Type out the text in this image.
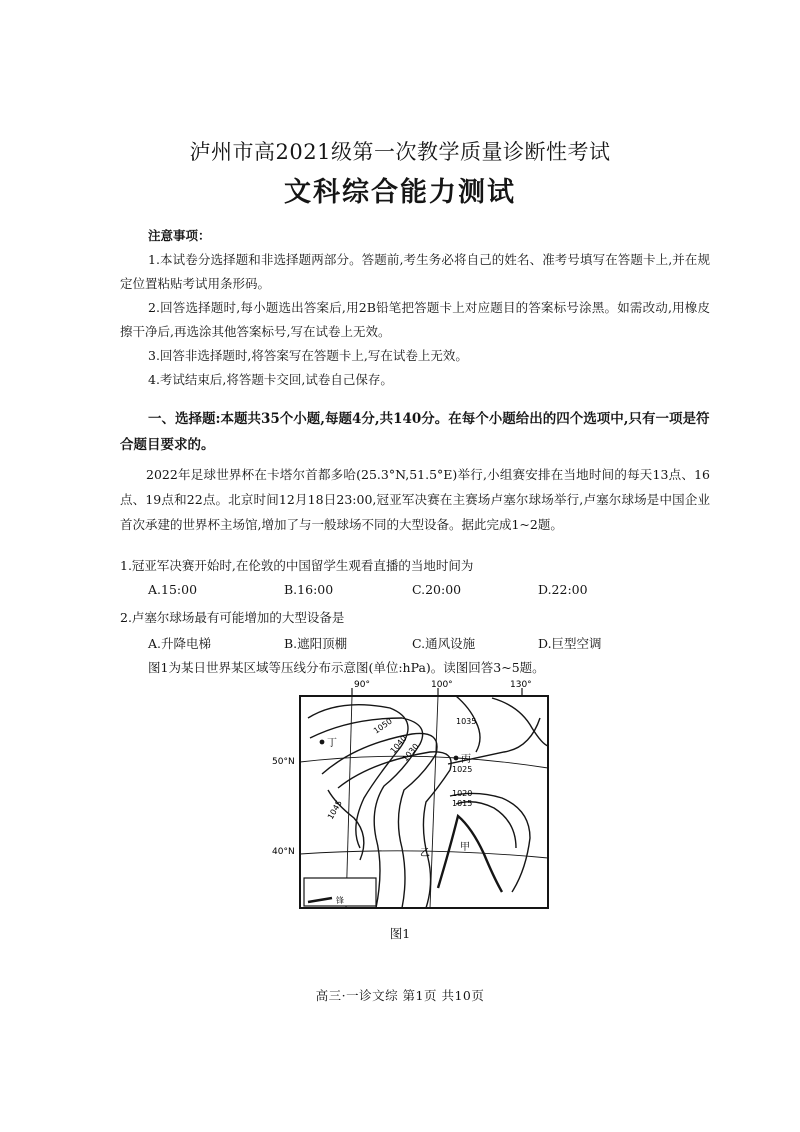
泸州市高2021级第一次教学质量诊断性考试
文科综合能力测试
注意事项：
1.本试卷分选择题和非选择题两部分。答题前,考生务必将自己的姓名、准考号填写在答题卡上,并在规定位置粘贴考试用条形码。
2.回答选择题时,每小题选出答案后,用2B铅笔把答题卡上对应题目的答案标号涂黑。如需改动,用橡皮擦干净后,再选涂其他答案标号,写在试卷上无效。
3.回答非选择题时,将答案写在答题卡上,写在试卷上无效。
4.考试结束后,将答题卡交回,试卷自己保存。
一、选择题:本题共35个小题,每题4分,共140分。在每个小题给出的四个选项中,只有一项是符合题目要求的。
2022年足球世界杯在卡塔尔首都多哈(25.3°N,51.5°E)举行,小组赛安排在当地时间的每天13点、16点、19点和22点。北京时间12月18日23:00,冠亚军决赛在主赛场卢塞尔球场举行,卢塞尔球场是中国企业首次承建的世界杯主场馆,增加了与一般球场不同的大型设备。据此完成1~2题。
1.冠亚军决赛开始时,在伦敦的中国留学生观看直播的当地时间为
A.15:00	B.16:00	C.20:00	D.22:00
2.卢塞尔球场最有可能增加的大型设备是
A.升降电梯	B.遮阳顶棚	C.通风设施	D.巨型空调
图1为某日世界某区域等压线分布示意图(单位:hPa)。读图回答3~5题。
90°	100°	130°
50°N
40°N
1050
1040
1030
1045
1035
1025
1020
1015
丁
丙
乙
甲
锋
图1
高三·一诊文综 第1页 共10页
